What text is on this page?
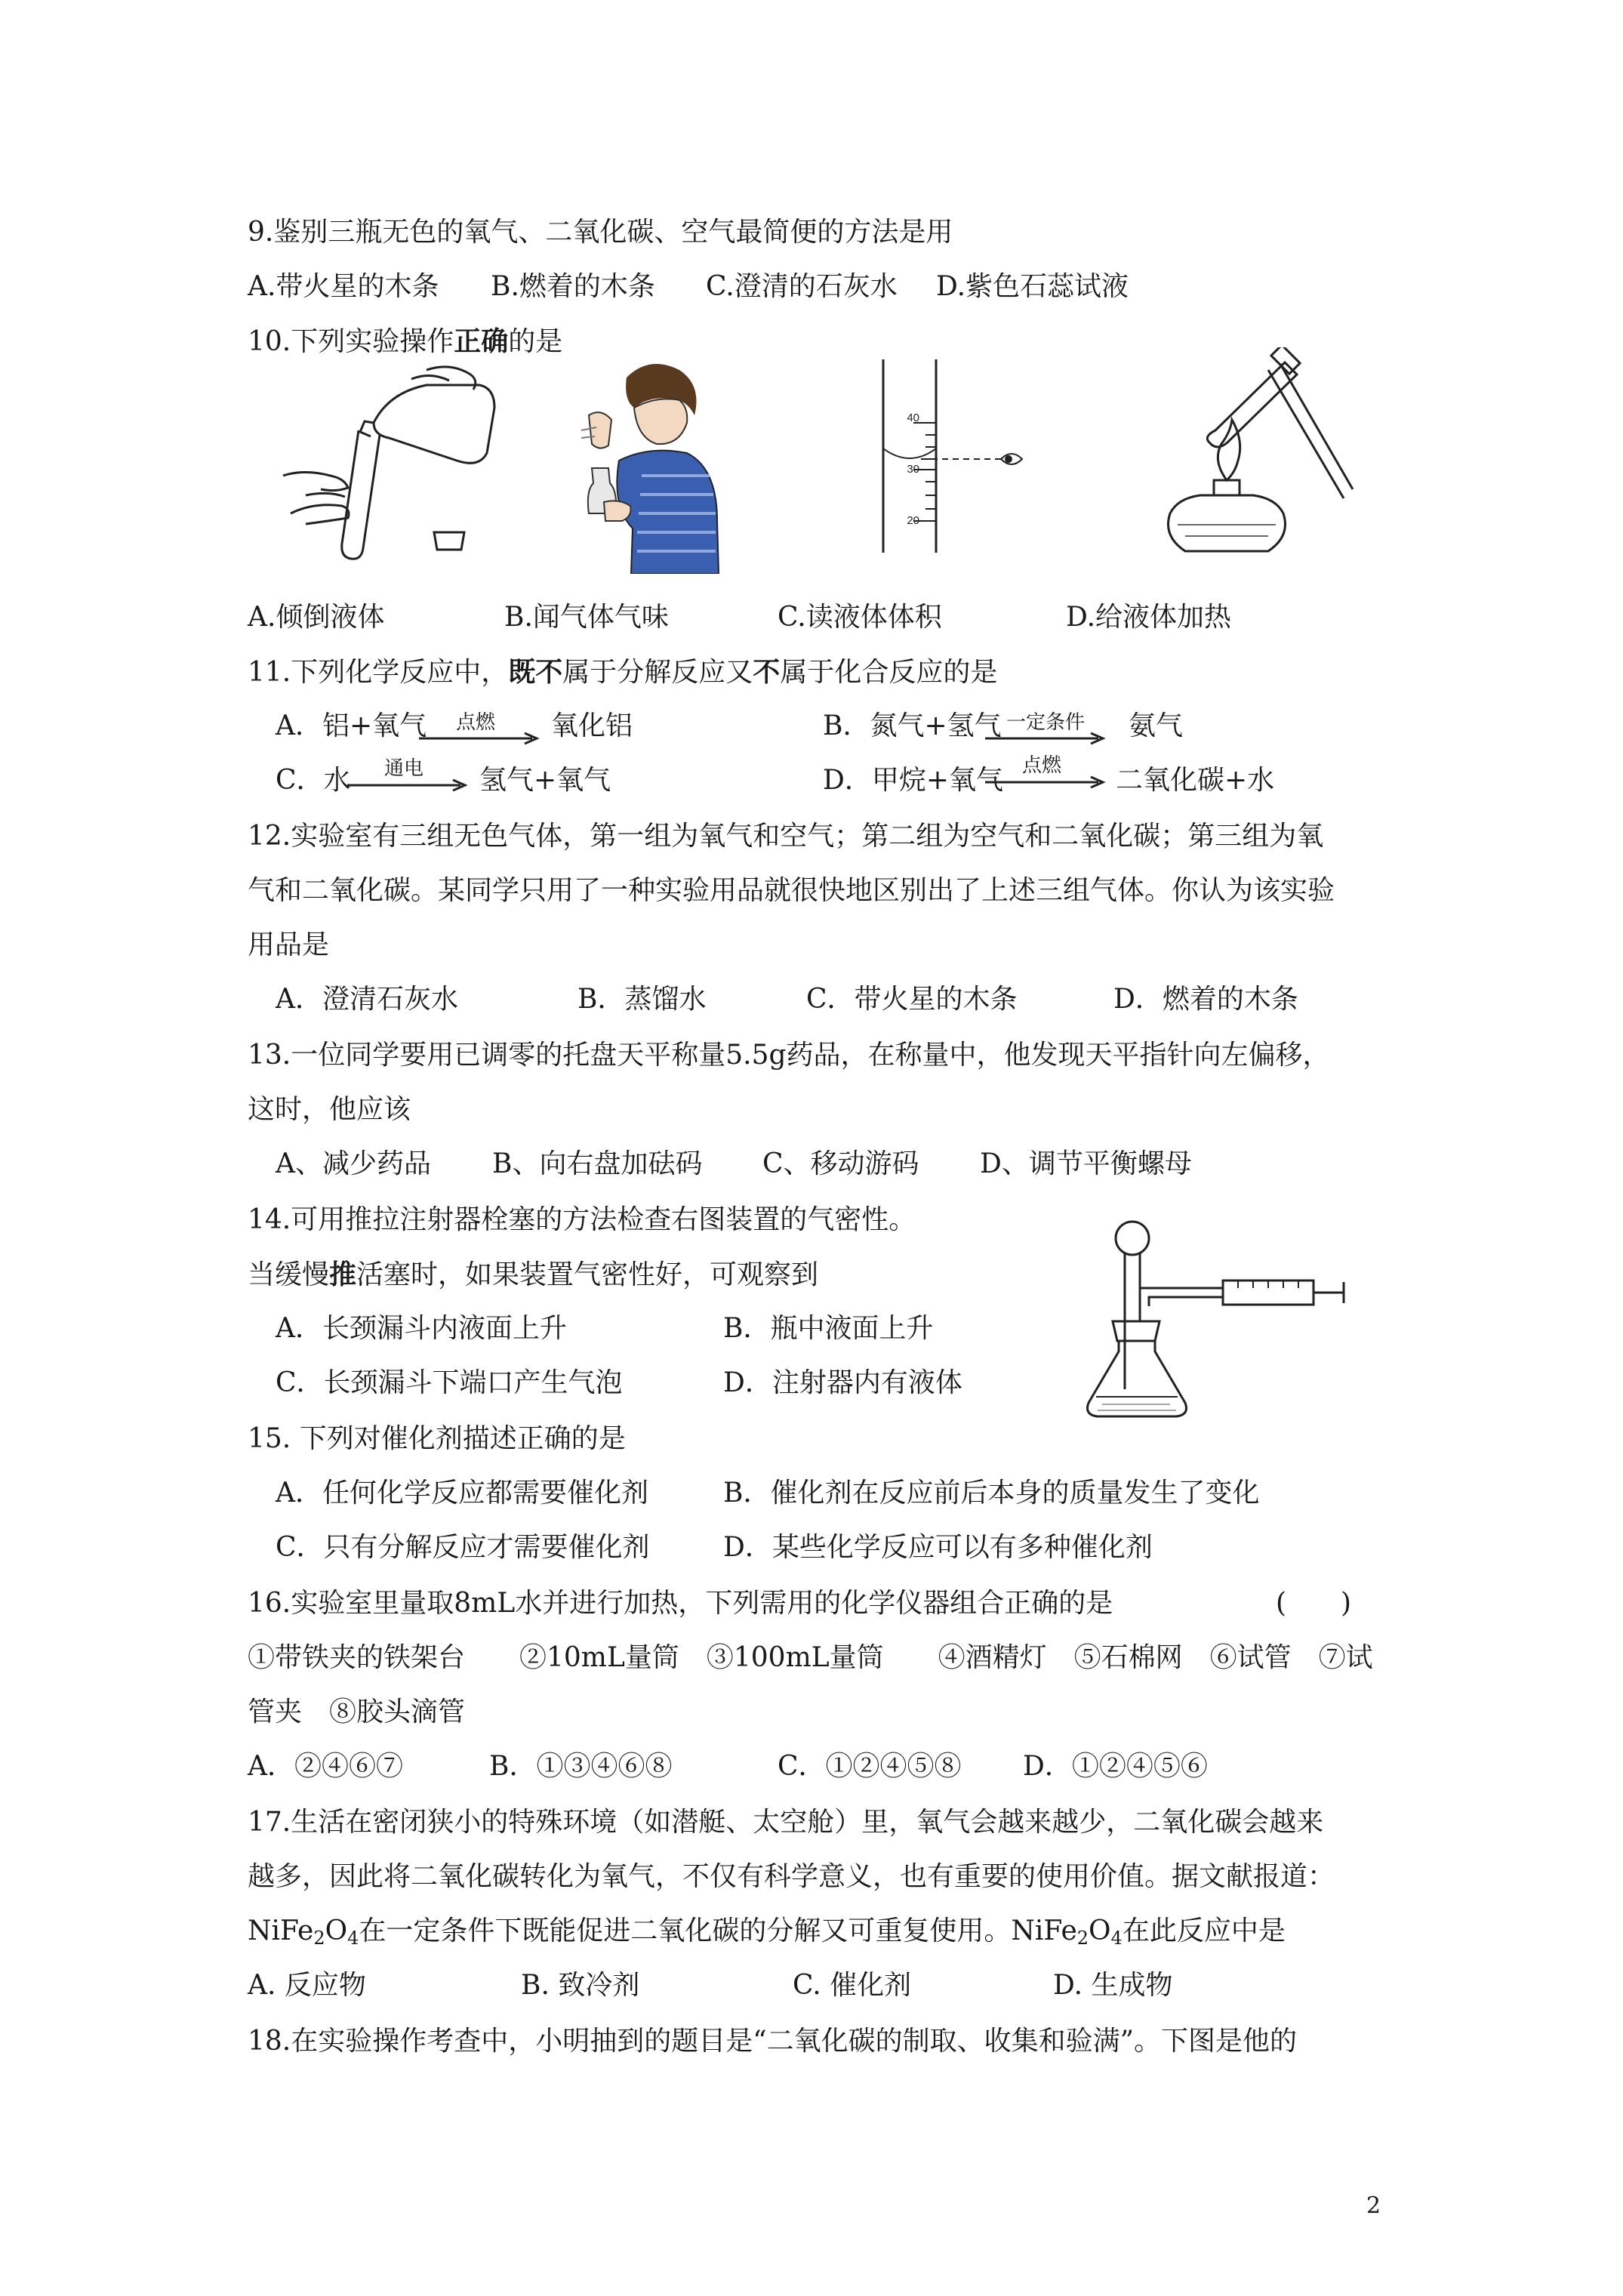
9.鉴别三瓶无色的氧气、二氧化碳、空气最简便的方法是用
A.带火星的木条 B.燃着的木条 C.澄清的石灰水 D.紫色石蕊试液
10.下列实验操作正确的是
40
30
20
A.倾倒液体	B.闻气体气味	C.读液体体积	D.给液体加热
11.下列化学反应中，既不属于分解反应又不属于化合反应的是
A．铝+氧气	点燃	氧化铝	B．氮气+氢气 一定条件	氨气
C．水	通电	氢气+氧气	D．甲烷+氧气 点燃	二氧化碳+水
12.实验室有三组无色气体，第一组为氧气和空气；第二组为空气和二氧化碳；第三组为氧
气和二氧化碳。某同学只用了一种实验用品就很快地区别出了上述三组气体。你认为该实验
用品是
A．澄清石灰水	B．蒸馏水	C．带火星的木条	D．燃着的木条
13.一位同学要用已调零的托盘天平称量5.5g药品，在称量中，他发现天平指针向左偏移，
这时，他应该
A、减少药品 B、向右盘加砝码 C、移动游码 D、调节平衡螺母
14.可用推拉注射器栓塞的方法检查右图装置的气密性。
当缓慢推活塞时，如果装置气密性好，可观察到
A．长颈漏斗内液面上升	B．瓶中液面上升
C．长颈漏斗下端口产生气泡	D．注射器内有液体
15. 下列对催化剂描述正确的是
A．任何化学反应都需要催化剂	B．催化剂在反应前后本身的质量发生了变化
C．只有分解反应才需要催化剂	D．某些化学反应可以有多种催化剂
16.实验室里量取8mL水并进行加热，下列需用的化学仪器组合正确的是	(　　)
①带铁夹的铁架台　　②10mL量筒　③100mL量筒　　④酒精灯　⑤石棉网　⑥试管　⑦试
管夹　⑧胶头滴管
A．②④⑥⑦	B．①③④⑥⑧	C．①②④⑤⑧ D．①②④⑤⑥
17.生活在密闭狭小的特殊环境（如潜艇、太空舱）里，氧气会越来越少，二氧化碳会越来
越多，因此将二氧化碳转化为氧气，不仅有科学意义，也有重要的使用价值。据文献报道：
$NiFe_2O_4$在一定条件下既能促进二氧化碳的分解又可重复使用。$NiFe_2O_4$在此反应中是
A. 反应物	B. 致冷剂	C. 催化剂	D. 生成物
18.在实验操作考查中，小明抽到的题目是“二氧化碳的制取、收集和验满”。下图是他的
2
